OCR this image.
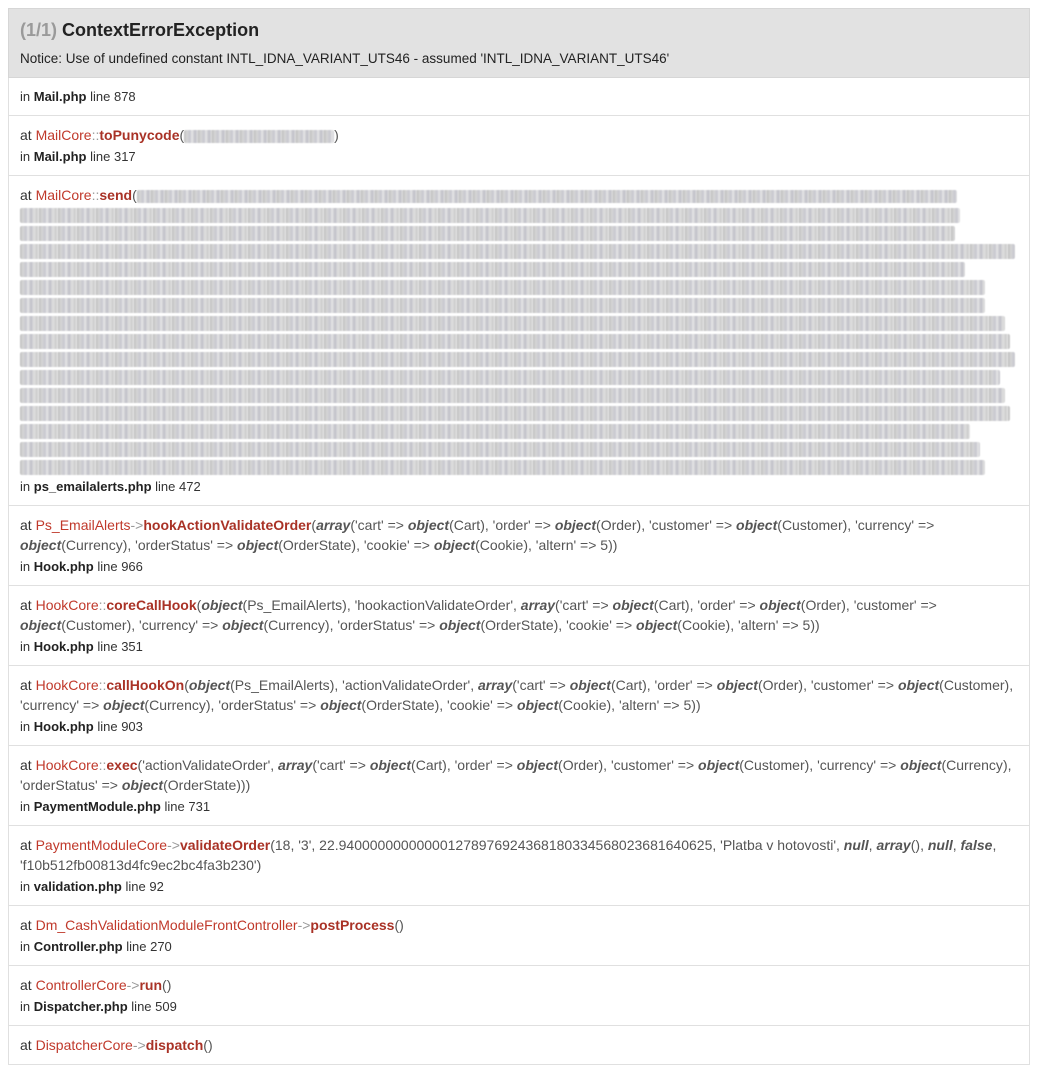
(1/1) ContextErrorException
Notice: Use of undefined constant INTL_IDNA_VARIANT_UTS46 - assumed 'INTL_IDNA_VARIANT_UTS46'
in Mail.php line 878
at MailCore::toPunycode(	)
in Mail.php line 317
at MailCore::send(
in ps_emailalerts.php line 472
at Ps_EmailAlerts->hookActionValidateOrder(array('cart' => object(Cart), 'order' => object(Order), 'customer' => object(Customer), 'currency' => object(Currency), 'orderStatus' => object(OrderState), 'cookie' => object(Cookie), 'altern' => 5))
in Hook.php line 966
at HookCore::coreCallHook(object(Ps_EmailAlerts), 'hookactionValidateOrder', array('cart' => object(Cart), 'order' => object(Order), 'customer' => object(Customer), 'currency' => object(Currency), 'orderStatus' => object(OrderState), 'cookie' => object(Cookie), 'altern' => 5))
in Hook.php line 351
at HookCore::callHookOn(object(Ps_EmailAlerts), 'actionValidateOrder', array('cart' => object(Cart), 'order' => object(Order), 'customer' => object(Customer), 'currency' => object(Currency), 'orderStatus' => object(OrderState), 'cookie' => object(Cookie), 'altern' => 5))
in Hook.php line 903
at HookCore::exec('actionValidateOrder', array('cart' => object(Cart), 'order' => object(Order), 'customer' => object(Customer), 'currency' => object(Currency), 'orderStatus' => object(OrderState)))
in PaymentModule.php line 731
at PaymentModuleCore->validateOrder(18, '3', 22.940000000000001278976924368180334568023681640625, 'Platba v hotovosti', null, array(), null, false, 'f10b512fb00813d4fc9ec2bc4fa3b230')
in validation.php line 92
at Dm_CashValidationModuleFrontController->postProcess()
in Controller.php line 270
at ControllerCore->run()
in Dispatcher.php line 509
at DispatcherCore->dispatch()
